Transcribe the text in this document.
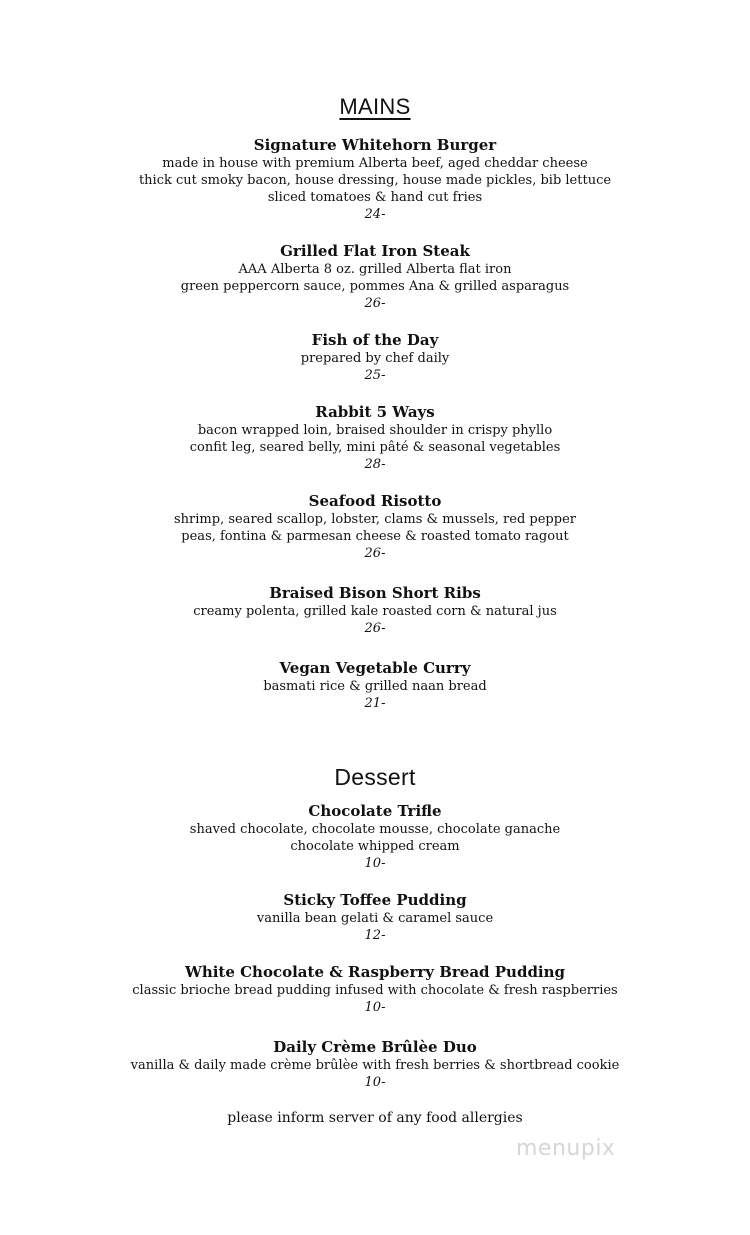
MAINS
Signature Whitehorn Burger
made in house with premium Alberta beef, aged cheddar cheese
thick cut smoky bacon, house dressing, house made pickles, bib lettuce
sliced tomatoes & hand cut fries
24-
Grilled Flat Iron Steak
AAA Alberta 8 oz. grilled Alberta flat iron
green peppercorn sauce, pommes Ana & grilled asparagus
26-
Fish of the Day
prepared by chef daily
25-
Rabbit 5 Ways
bacon wrapped loin, braised shoulder in crispy phyllo
confit leg, seared belly, mini pâté & seasonal vegetables
28-
Seafood Risotto
shrimp, seared scallop, lobster, clams & mussels, red pepper
peas, fontina & parmesan cheese & roasted tomato ragout
26-
Braised Bison Short Ribs
creamy polenta, grilled kale roasted corn & natural jus
26-
Vegan Vegetable Curry
basmati rice & grilled naan bread
21-
Dessert
Chocolate Trifle
shaved chocolate, chocolate mousse, chocolate ganache
chocolate whipped cream
10-
Sticky Toffee Pudding
vanilla bean gelati & caramel sauce
12-
White Chocolate & Raspberry Bread Pudding
classic brioche bread pudding infused with chocolate & fresh raspberries
10-
Daily Crème Brûlèe Duo
vanilla & daily made crème brûlèe with fresh berries & shortbread cookie
10-
please inform server of any food allergies
menupix
